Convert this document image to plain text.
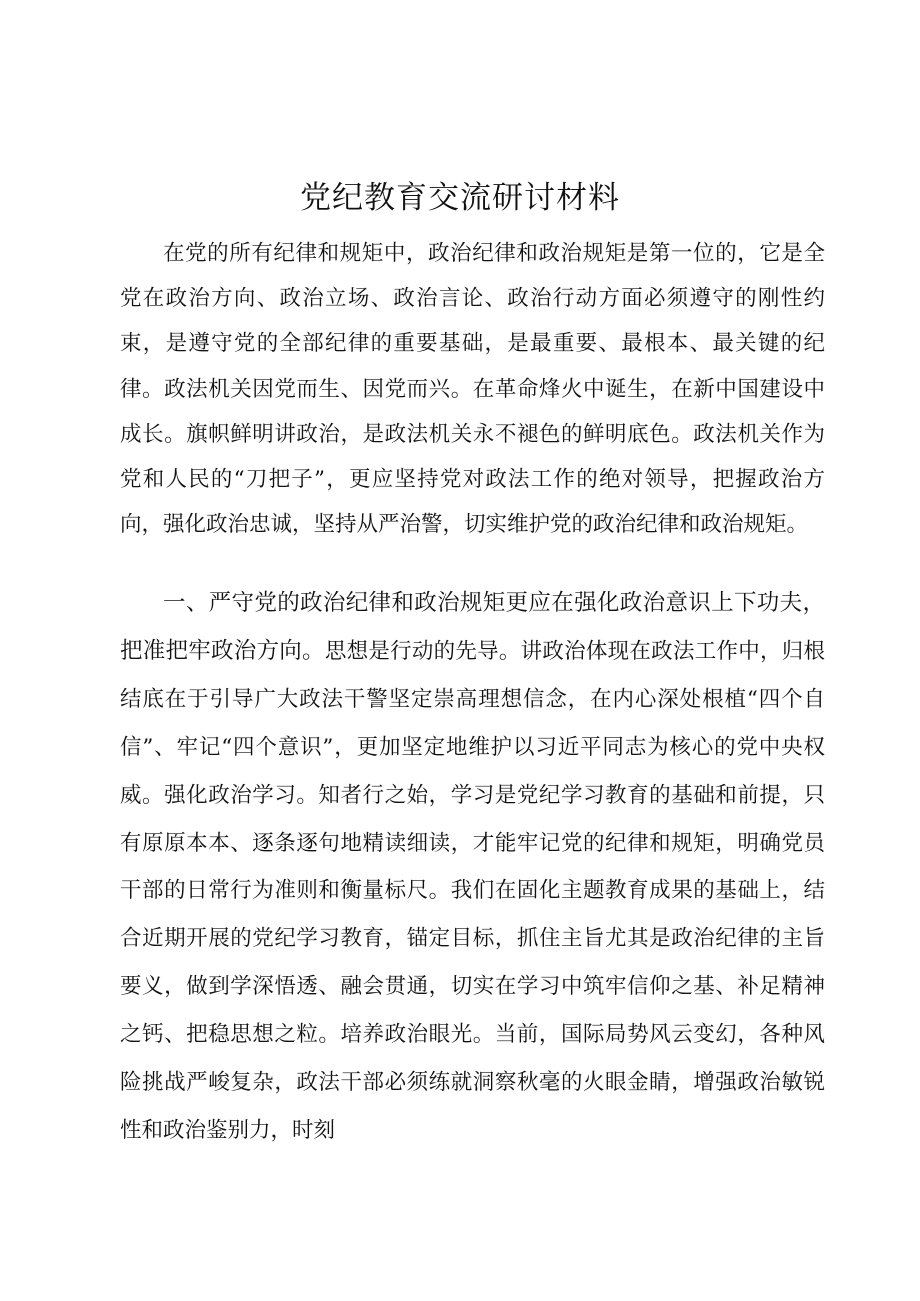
党纪教育交流研讨材料

在党的所有纪律和规矩中，政治纪律和政治规矩是第一位的，它是全党在政治方向、政治立场、政治言论、政治行动方面必须遵守的刚性约束，是遵守党的全部纪律的重要基础，是最重要、最根本、最关键的纪律。政法机关因党而生、因党而兴。在革命烽火中诞生，在新中国建设中成长。旗帜鲜明讲政治，是政法机关永不褪色的鲜明底色。政法机关作为党和人民的“刀把子”，更应坚持党对政法工作的绝对领导，把握政治方向，强化政治忠诚，坚持从严治警，切实维护党的政治纪律和政治规矩。

一、严守党的政治纪律和政治规矩更应在强化政治意识上下功夫，把准把牢政治方向。思想是行动的先导。讲政治体现在政法工作中，归根结底在于引导广大政法干警坚定崇高理想信念，在内心深处根植“四个自信”、牢记“四个意识”，更加坚定地维护以习近平同志为核心的党中央权威。强化政治学习。知者行之始，学习是党纪学习教育的基础和前提，只有原原本本、逐条逐句地精读细读，才能牢记党的纪律和规矩，明确党员干部的日常行为准则和衡量标尺。我们在固化主题教育成果的基础上，结合近期开展的党纪学习教育，锚定目标，抓住主旨尤其是政治纪律的主旨要义，做到学深悟透、融会贯通，切实在学习中筑牢信仰之基、补足精神之钙、把稳思想之粒。培养政治眼光。当前，国际局势风云变幻，各种风险挑战严峻复杂，政法干部必须练就洞察秋毫的火眼金睛，增强政治敏锐性和政治鉴别力，时刻
